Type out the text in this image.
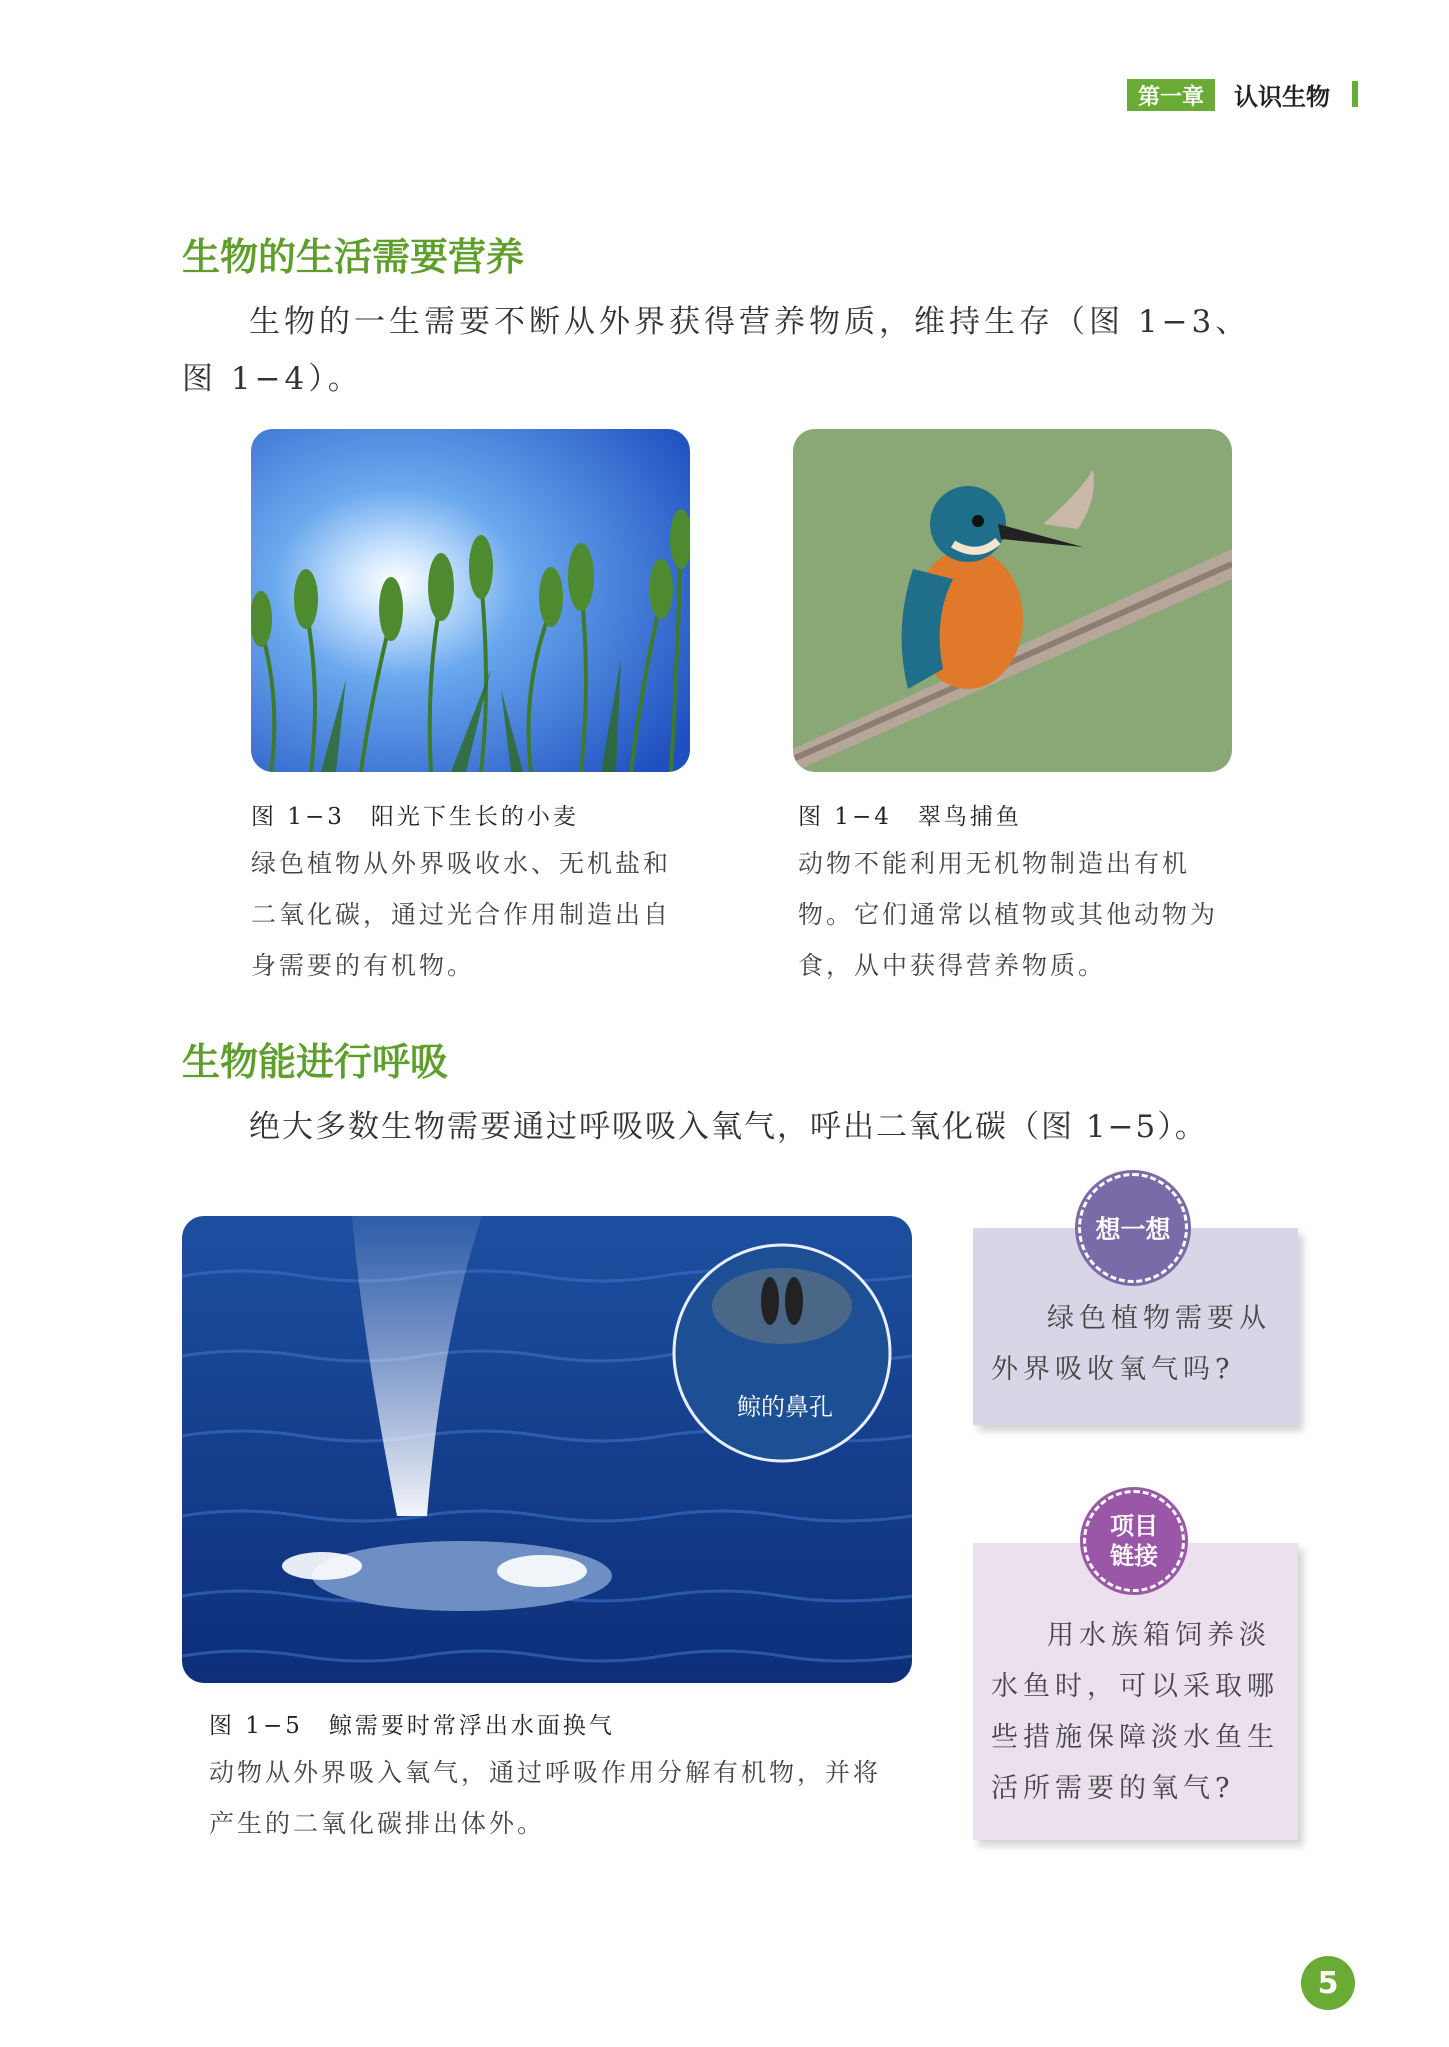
第一章	认识生物
生物的生活需要营养
生物的一生需要不断从外界获得营养物质，维持生存（图 1−3、
图 1−4）。
图 1−3　阳光下生长的小麦
绿色植物从外界吸收水、无机盐和
二氧化碳，通过光合作用制造出自
身需要的有机物。
图 1−4　翠鸟捕鱼
动物不能利用无机物制造出有机
物。它们通常以植物或其他动物为
食，从中获得营养物质。
生物能进行呼吸
绝大多数生物需要通过呼吸吸入氧气，呼出二氧化碳（图 1−5）。
鲸的鼻孔
图 1−5　鲸需要时常浮出水面换气
动物从外界吸入氧气，通过呼吸作用分解有机物，并将
产生的二氧化碳排出体外。
想一想
绿色植物需要从
外界吸收氧气吗?
项目
链接
用水族箱饲养淡
水鱼时，可以采取哪
些措施保障淡水鱼生
活所需要的氧气?
5
